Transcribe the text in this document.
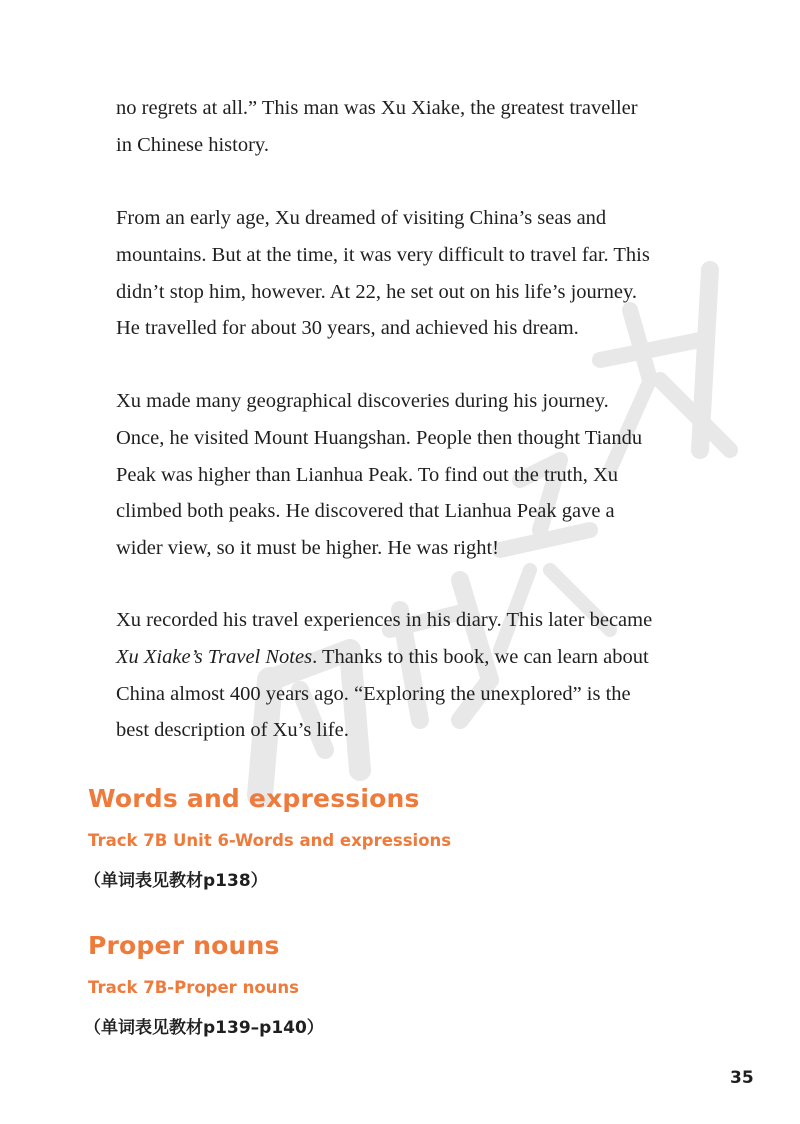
no regrets at all.” This man was Xu Xiake, the greatest traveller
in Chinese history.

From an early age, Xu dreamed of visiting China’s seas and
mountains. But at the time, it was very difficult to travel far. This
didn’t stop him, however. At 22, he set out on his life’s journey.
He travelled for about 30 years, and achieved his dream.

Xu made many geographical discoveries during his journey.
Once, he visited Mount Huangshan. People then thought Tiandu
Peak was higher than Lianhua Peak. To find out the truth, Xu
climbed both peaks. He discovered that Lianhua Peak gave a
wider view, so it must be higher. He was right!

Xu recorded his travel experiences in his diary. This later became
Xu Xiake’s Travel Notes. Thanks to this book, we can learn about
China almost 400 years ago. “Exploring the unexplored” is the
best description of Xu’s life.

Words and expressions
Track 7B Unit 6-Words and expressions
（单词表见教材p138）
Proper nouns
Track 7B-Proper nouns
（单词表见教材p139–p140）
35
